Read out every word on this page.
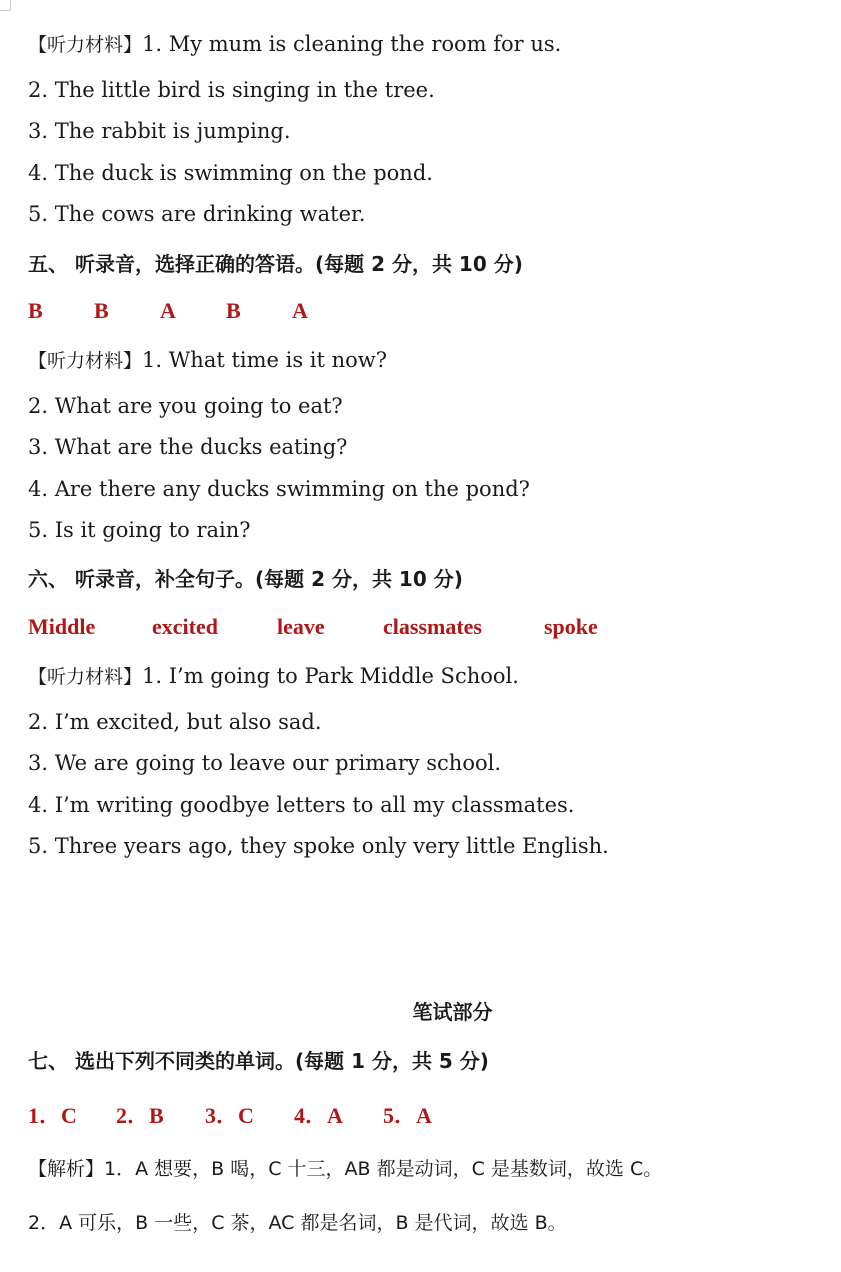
【听力材料】1. My mum is cleaning the room for us.
2. The little bird is singing in the tree.
3. The rabbit is jumping.
4. The duck is swimming on the pond.
5. The cows are drinking water.
五、 听录音，选择正确的答语。(每题 2 分，共 10 分)
B B A B A
【听力材料】1. What time is it now?
2. What are you going to eat?
3. What are the ducks eating?
4. Are there any ducks swimming on the pond?
5. Is it going to rain?
六、 听录音，补全句子。(每题 2 分，共 10 分)
Middle	excited	leave	classmates	spoke
【听力材料】1. I’m going to Park Middle School.
2. I’m excited, but also sad.
3. We are going to leave our primary school.
4. I’m writing goodbye letters to all my classmates.
5. Three years ago, they spoke only very little English.
笔试部分
七、 选出下列不同类的单词。(每题 1 分，共 5 分)
1．C 2．B 3．C 4．A 5．A
【解析】1．A 想要，B 喝，C 十三，AB 都是动词，C 是基数词，故选 C。
2．A 可乐，B 一些，C 茶，AC 都是名词，B 是代词，故选 B。
